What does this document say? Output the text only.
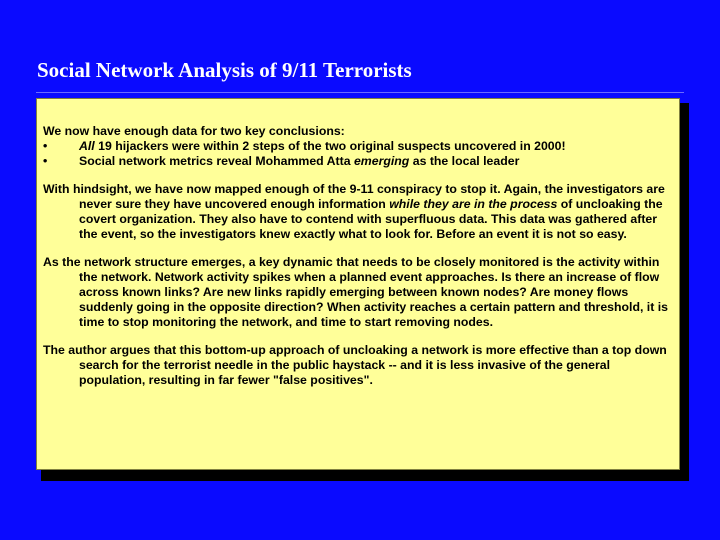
Social Network Analysis of 9/11 Terrorists

We now have enough data for two key conclusions:

•	All 19 hijackers were within 2 steps of the two original suspects uncovered in 2000!
•	Social network metrics reveal Mohammed Atta emerging as the local leader

With hindsight, we have now mapped enough of the 9-11 conspiracy to stop it. Again, the investigators are never sure they have uncovered enough information while they are in the process of uncloaking the covert organization. They also have to contend with superfluous data. This data was gathered after the event, so the investigators knew exactly what to look for. Before an event it is not so easy.

As the network structure emerges, a key dynamic that needs to be closely monitored is the activity within the network. Network activity spikes when a planned event approaches. Is there an increase of flow across known links? Are new links rapidly emerging between known nodes? Are money flows suddenly going in the opposite direction? When activity reaches a certain pattern and threshold, it is time to stop monitoring the network, and time to start removing nodes.

The author argues that this bottom-up approach of uncloaking a network is more effective than a top down search for the terrorist needle in the public haystack -- and it is less invasive of the general population, resulting in far fewer "false positives".
